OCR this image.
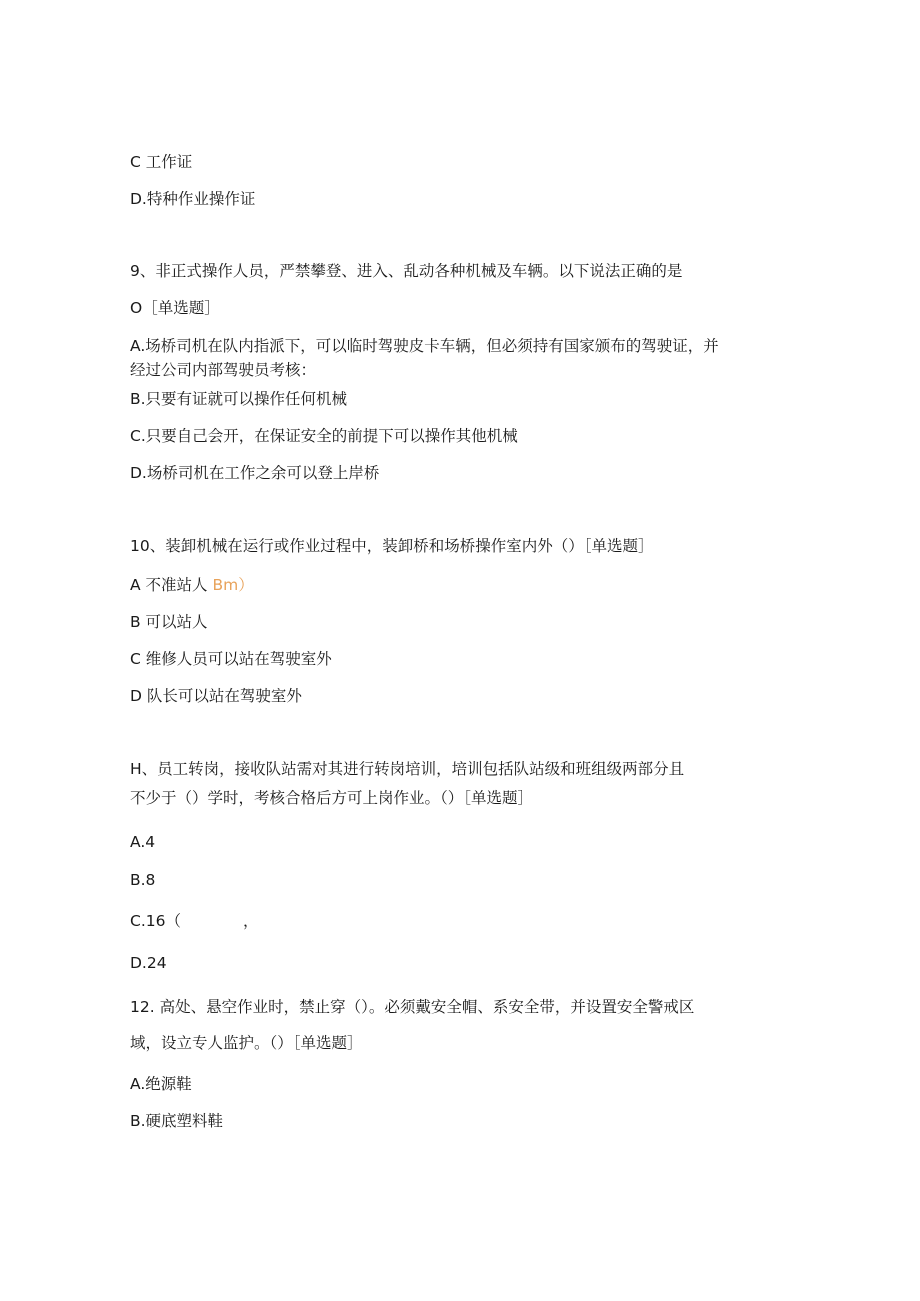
C 工作证

D.特种作业操作证

9、非正式操作人员，严禁攀登、进入、乱动各种机械及车辆。以下说法正确的是

O［单选题］

A.场桥司机在队内指派下，可以临时驾驶皮卡车辆，但必须持有国家颁布的驾驶证，并

经过公司内部驾驶员考核：

B.只要有证就可以操作任何机械

C.只要自己会开，在保证安全的前提下可以操作其他机械

D.场桥司机在工作之余可以登上岸桥

10、装卸机械在运行或作业过程中，装卸桥和场桥操作室内外（）［单选题］

A 不准站人 Bm）

B 可以站人

C 维修人员可以站在驾驶室外

D 队长可以站在驾驶室外

H、员工转岗，接收队站需对其进行转岗培训，培训包括队站级和班组级两部分且

不少于（）学时，考核合格后方可上岗作业。（）［单选题］

A.4

B.8

C.16（	，

D.24

12. 高处、悬空作业时，禁止穿（）。必须戴安全帽、系安全带，并设置安全警戒区

域，设立专人监护。（）［单选题］

A.绝源鞋

B.硬底塑料鞋
